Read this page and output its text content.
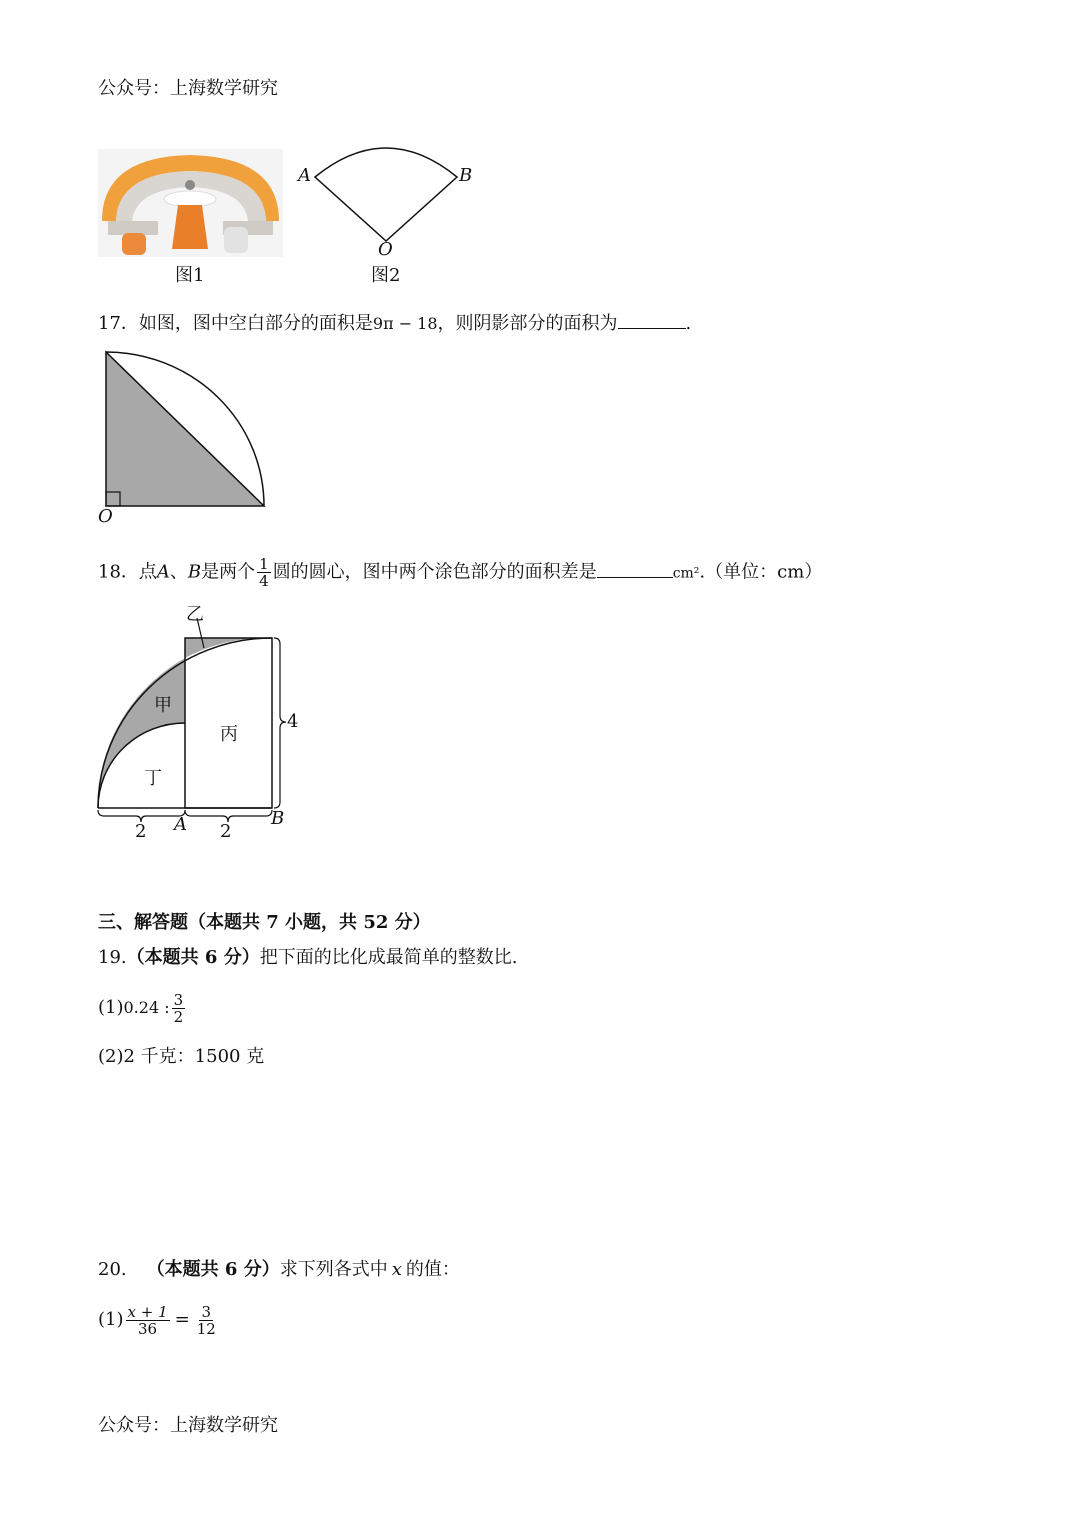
公众号：上海数学研究
图1
A	B
O
图2
17．如图，图中空白部分的面积是9π − 18，则阴影部分的面积为	.
O
18．点A、B是两个 $\frac{1}{4}$ 圆的圆心，图中两个涂色部分的面积差是	cm².（单位：cm）
乙
甲
丙
丁
4
2	2
A	B
三、解答题（本题共 7 小题，共 52 分）
19.（本题共 6 分）把下面的比化成最简单的整数比.
(1)0.24 : $\frac{3}{2}$
(2)2 千克：1500 克
20. （本题共 6 分）求下列各式中 x 的值：
$(1) \frac{x + 1}{36} = \frac{3}{12}$
公众号：上海数学研究
